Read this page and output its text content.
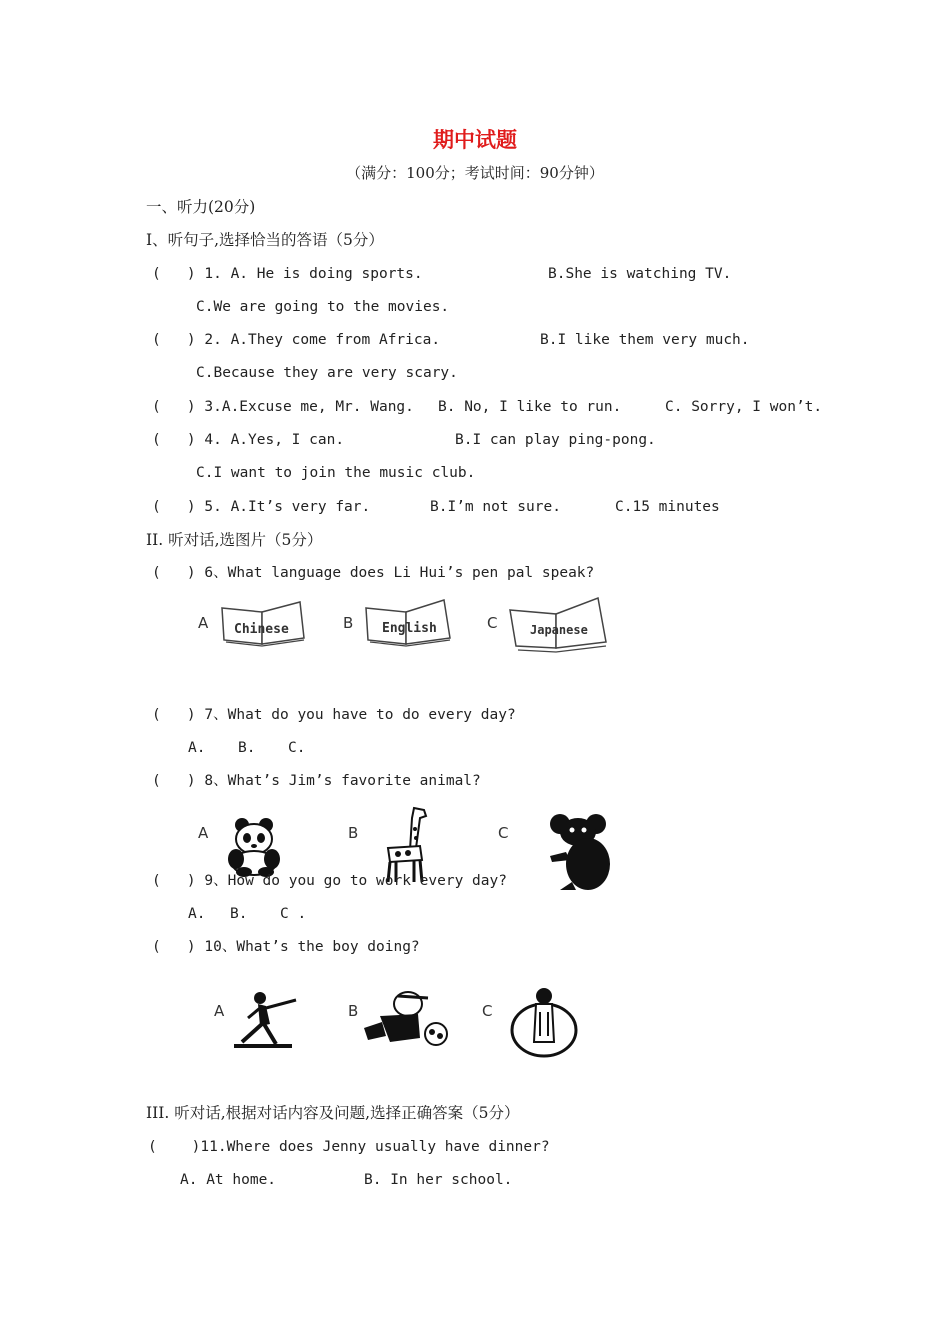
期中试题
（满分：100分；考试时间：90分钟）
一、听力(20分)
I、听句子,选择恰当的答语（5分）
(   ) 1. A. He is doing sports.	B.She is watching TV.
C.We are going to the movies.
(   ) 2. A.They come from Africa.	B.I like them very much.
C.Because they are very scary.
(   ) 3.A.Excuse me, Mr. Wang. B. No, I like to run.	C. Sorry, I won’t.
(   ) 4. A.Yes, I can.	B.I can play ping-pong.
C.I want to join the music club.
(   ) 5. A.It’s very far.	B.I’m not sure.	C.15 minutes
II. 听对话,选图片（5分）
(   ) 6、What language does Li Hui’s pen pal speak?
A Chinese	B English	C	Japanese
(   ) 7、What do you have to do every day?
A. B. C.
(   ) 8、What’s Jim’s favorite animal?
A	B	C
(   ) 9、How do you go to work every day?
A. B. C .
(   ) 10、What’s the boy doing?
A	B	C
III. 听对话,根据对话内容及问题,选择正确答案（5分）
(    )11.Where does Jenny usually have dinner?
A. At home.	B. In her school.
